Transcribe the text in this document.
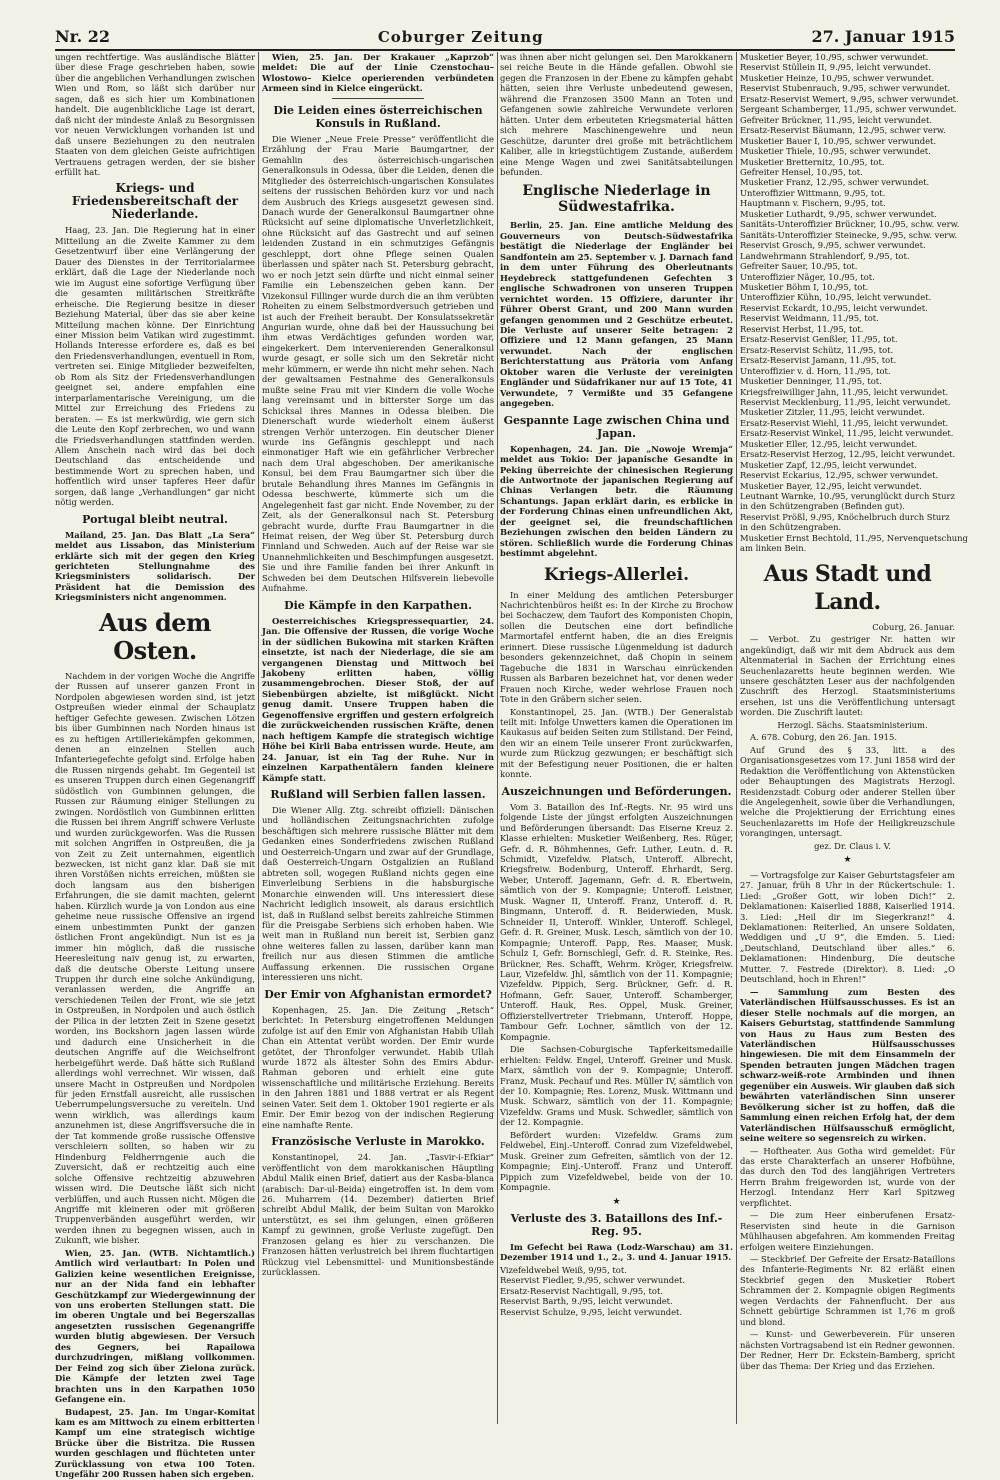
Nr. 22	Coburger Zeitung	27. Januar 1915

ungen rechtfertige. Was ausländische Blätter über diese Frage geschrieben haben, sowie über die angeblichen Verhandlungen zwischen Wien und Rom, so läßt sich darüber nur sagen, daß es sich hier um Kombinationen handelt. Die augenblickliche Lage ist derart, daß nicht der mindeste Anlaß zu Besorgnissen vor neuen Verwicklungen vorhanden ist und daß unsere Beziehungen zu den neutralen Staaten von dem gleichen Geiste aufrichtigen Vertrauens getragen werden, der sie bisher erfüllt hat.

Kriegs- und Friedensbereitschaft der Niederlande.

Haag, 23. Jan. Die Regierung hat in einer Mitteilung an die Zweite Kammer zu dem Gesetzentwurf über eine Verlängerung der Dauer des Dienstes in der Territorialarmee erklärt, daß die Lage der Niederlande noch wie im August eine sofortige Verfügung über die gesamten militärischen Streitkräfte erheische. Die Regierung besitze in dieser Beziehung Material, über das sie aber keine Mitteilung machen könne. Der Einrichtung einer Mission beim Vatikan wird zugestimmt. Hollands Interesse erfordere es, daß es bei den Friedensverhandlungen, eventuell in Rom, vertreten sei. Einige Mitglieder bezweifelten, ob Rom als Sitz der Friedensverhandlungen geeignet sei, andere empfahlen eine interparlamentarische Vereinigung, um die Mittel zur Erreichung des Friedens zu beraten. — Es ist merkwürdig, wie gern sich die Leute den Kopf zerbrechen, wo und wann die Friedsverhandlungen stattfinden werden. Allem Anschein nach wird das bei doch Deutschland das entscheidende und bestimmende Wort zu sprechen haben, und hoffentlich wird unser tapferes Heer dafür sorgen, daß lange „Verhandlungen“ gar nicht nötig werden.

Portugal bleibt neutral.

Mailand, 25. Jan. Das Blatt „La Sera“ meldet aus Lissabon, das Ministerium erklärte sich mit der gegen den Krieg gerichteten Stellungnahme des Kriegsministers solidarisch. Der Präsident hat die Demission des Kriegsministers nicht angenommen.

Aus dem Osten.

Nachdem in der vorigen Woche die Angriffe der Russen auf unserer ganzen Front in Nordpolen abgewiesen worden sind, ist jetzt Ostpreußen wieder einmal der Schauplatz heftiger Gefechte gewesen. Zwischen Lötzen bis über Gumbinnen nach Norden hinaus ist es zu heftigen Artilleriekämpfen gekommen, denen an einzelnen Stellen auch Infanteriegefechte gefolgt sind. Erfolge haben die Russen nirgends gehabt. Im Gegenteil ist es unseren Truppen durch einen Gegenangriff südöstlich von Gumbinnen gelungen, die Russen zur Räumung einiger Stellungen zu zwingen. Nordöstlich von Gumbinnen erlitten die Russen bei ihrem Angriff schwere Verluste und wurden zurückgeworfen. Was die Russen mit solchen Angriffen in Ostpreußen, die ja von Zeit zu Zeit unternahmen, eigentlich bezwecken, ist nicht ganz klar. Daß sie mit ihren Vorstößen nichts erreichen, müßten sie doch langsam aus den bisherigen Erfahrungen, die sie damit machten, gelernt haben. Kürzlich wurde ja von London aus eine geheime neue russische Offensive an irgend einem unbestimmten Punkt der ganzen östlichen Front angekündigt. Nun ist es ja immer hin möglich, daß die russische Heeresleitung naiv genug ist, zu erwarten, daß die deutsche Oberste Leitung unsere Truppen ihr durch eine solche Ankündigung, veranlassen werden, die Angriffe an verschiedenen Teilen der Front, wie sie jetzt in Ostpreußen, in Nordpolen und auch östlich der Pilica in der letzten Zeit in Szene gesetzt worden, ins Bockshorn jagen lassen würde und dadurch eine Unsicherheit in die deutschen Angriffe auf die Weichselfront herbeigeführt werde. Daß hätte sich Rußland allerdings wohl verrechnet. Wir wissen, daß unsere Macht in Ostpreußen und Nordpolen für jeden Ernstfall ausreicht, alle russischen Ueberrumpelungsversuche zu vereiteln. Und wenn wirklich, was allerdings kaum anzunehmen ist, diese Angriffsversuche die in der Tat kommende große russische Offensive verschleiern sollten, so haben wir zu Hindenburg Feldherrngenie auch die Zuversicht, daß er rechtzeitig auch eine solche Offensive rechtzeitig abzuwehren wissen wird. Die Deutsche läßt sich nicht verblüffen, und auch Russen nicht. Mögen die Angriffe mit kleineren oder mit größeren Truppenverbänden ausgeführt werden, wir werden ihnen zu begegnen wissen, auch in Zukunft, wie bisher.

Wien, 25. Jan. (WTB. Nichtamtlich.) Amtlich wird verlautbart: In Polen und Galizien keine wesentlichen Ereignisse, nur an der Nida fand ein lebhafter Geschützkampf zur Wiedergewinnung der von uns eroberten Stellungen statt. Die im oberen Ungtale und bei Begerszallas angesetzten russischen Gegenangriffe wurden blutig abgewiesen. Der Versuch des Gegners, bei Rapailowa durchzudringen, mißlang vollkommen. Der Feind zog sich über Zielona zurück. Die Kämpfe der letzten zwei Tage brachten uns in den Karpathen 1050 Gefangene ein.

Budapest, 25. Jan. Im Ungar-Komitat kam es am Mittwoch zu einem erbitterten Kampf um eine strategisch wichtige Brücke über die Bistritza. Die Russen wurden geschlagen und flüchteten unter Zurücklassung von etwa 100 Toten. Ungefähr 200 Russen haben sich ergeben.

Wien, 25. Jan. Der Krakauer „Kaprzob“ meldet: Die auf der Linie Czenstochau–Wlostowo– Kielce operierenden verbündeten Armeen sind in Kielce eingerückt.

Die Leiden eines österreichischen Konsuls in Rußland.

Die Wiener „Neue Freie Presse“ veröffentlicht die Erzählung der Frau Marie Baumgartner, der Gemahlin des österreichisch-ungarischen Generalkonsuls in Odessa, über die Leiden, denen die Mitglieder des österreichisch-ungarischen Konsulates seitens der russischen Behörden kurz vor und nach dem Ausbruch des Kriegs ausgesetzt gewesen sind. Danach wurde der Generalkonsul Baumgartner ohne Rücksicht auf seine diplomatische Unverletzlichkeit, ohne Rücksicht auf das Gastrecht und auf seinen leidenden Zustand in ein schmutziges Gefängnis geschleppt, dort ohne Pflege seinen Qualen überlassen und später nach St. Petersburg gebracht, wo er noch jetzt sein dürfte und nicht einmal seiner Familie ein Lebenszeichen geben kann. Der Vizekonsul Fillinger wurde durch die an ihm verübten Roheiten zu einem Selbstmordversuch getrieben und ist auch der Freiheit beraubt. Der Konsulatssekretär Angurian wurde, ohne daß bei der Haussuchung bei ihm etwas Verdächtiges gefunden worden war, eingekerkert. Dem intervenierenden Generalkonsul wurde gesagt, er solle sich um den Sekretär nicht mehr kümmern, er werde ihn nicht mehr sehen. Nach der gewaltsamen Festnahme des Generalkonsuls mußte seine Frau mit vier Kindern die volle Woche lang vereinsamt und in bitterster Sorge um das Schicksal ihres Mannes in Odessa bleiben. Die Dienerschaft wurde wiederholt einem äußerst strengen Verhör unterzogen. Ein deutscher Diener wurde ins Gefängnis geschleppt und nach einmonatiger Haft wie ein gefährlicher Verbrecher nach dem Ural abgeschoben. Der amerikanische Konsul, bei dem Frau Baumgartner sich über die brutale Behandlung ihres Mannes im Gefängnis in Odessa beschwerte, kümmerte sich um die Angelegenheit fast gar nicht. Ende November, zu der Zeit, als der Generalkonsul nach St. Petersburg gebracht wurde, durfte Frau Baumgartner in die Heimat reisen, der Weg über St. Petersburg durch Finnland und Schweden. Auch auf der Reise war sie Unannehmlichkeiten und Beschimpfungen ausgesetzt. Sie und ihre Familie fanden bei ihrer Ankunft in Schweden bei dem Deutschen Hilfsverein liebevolle Aufnahme.

Die Kämpfe in den Karpathen.

Oesterreichisches Kriegspressequartier, 24. Jan. Die Offensive der Russen, die vorige Woche in der südlichen Bukowina mit starken Kräften einsetzte, ist nach der Niederlage, die sie am vergangenen Dienstag und Mittwoch bei Jakobeny erlitten haben, völlig zusammengebrochen. Dieser Stoß, der auf Siebenbürgen abzielte, ist mißglückt. Nicht genug damit. Unsere Truppen haben die Gegenoffensive ergriffen und gestern erfolgreich die zurückweichenden russischen Kräfte, denen nach heftigem Kampfe die strategisch wichtige Höhe bei Kirli Baba entrissen wurde. Heute, am 24. Januar, ist ein Tag der Ruhe. Nur in einzelnen Karpathentälern fanden kleinere Kämpfe statt.

Rußland will Serbien fallen lassen.

Die Wiener Allg. Ztg. schreibt offiziell: Dänischen und holländischen Zeitungsnachrichten zufolge beschäftigen sich mehrere russische Blätter mit dem Gedanken eines Sonderfriedens zwischen Rußland und Oesterreich-Ungarn und zwar auf der Grundlage, daß Oesterreich-Ungarn Ostgalizien an Rußland abtreten soll, wogegen Rußland nichts gegen eine Einverleibung Serbiens in die habsburgische Monarchie einwenden will. Uns interessiert diese Nachricht lediglich insoweit, als daraus ersichtlich ist, daß in Rußland selbst bereits zahlreiche Stimmen für die Preisgabe Serbiens sich erhoben haben. Wie weit man in Rußland nun bereit ist, Serbien ganz ohne weiteres fallen zu lassen, darüber kann man freilich nur aus diesen Stimmen die amtliche Auffassung erkennen. Die russischen Organe interessieren uns nicht.

Der Emir von Afghanistan ermordet?

Kopenhagen, 25. Jan. Die Zeitung „Retsch“ berichtet: In Petersburg eingetroffenen Meldungen zufolge ist auf den Emir von Afghanistan Habib Ullah Chan ein Attentat verübt worden. Der Emir wurde getötet, der Thronfolger verwundet. Habib Ullah wurde 1872 als ältester Sohn des Emirs Abdur-Rahman geboren und erhielt eine gute wissenschaftliche und militärische Erziehung. Bereits in den Jahren 1881 und 1888 vertrat er als Regent seinen Vater. Seit dem 1. Oktober 1901 regierte er als Emir. Der Emir bezog von der indischen Regierung eine namhafte Rente.

Französische Verluste in Marokko.

Konstantinopel, 24. Jan. „Tasvir-i-Efkiar“ veröffentlicht von dem marokkanischen Häuptling Abdul Malik einen Brief, datiert aus der Kasba-blanca (arabisch: Dar-ul-Beida) eingetroffen ist. In dem vom 26. Muharrem (14. Dezember) datierten Brief schreibt Abdul Malik, der beim Sultan von Marokko unterstützt, es sei ihm gelungen, einen größeren Kampf zu gewinnen, große Verluste zugefügt. Den Franzosen gelang es hier zu verschanzen. Die Franzosen hätten verlustreich bei ihrem fluchtartigen Rückzug viel Lebensmittel- und Munitionsbestände zurücklassen.

was ihnen aber nicht gelungen sei. Den Marokkanern sei reiche Beute in die Hände gefallen. Obwohl sie gegen die Franzosen in der Ebene zu kämpfen gehabt hätten, seien ihre Verluste unbedeutend gewesen, während die Franzosen 3500 Mann an Toten und Gefangenen sowie zahlreiche Verwundete verloren hätten. Unter dem erbeuteten Kriegsmaterial hätten sich mehrere Maschinengewehre und neun Geschütze, darunter drei große mit beträchtlichem Kaliber, alle in kriegstüchtigem Zustande, außerdem eine Menge Wagen und zwei Sanitätsabteilungen befunden.

Englische Niederlage in Südwestafrika.

Berlin, 25. Jan. Eine amtliche Meldung des Gouverneurs von Deutsch-Südwestafrika bestätigt die Niederlage der Engländer bei Sandfontein am 25. September v. J. Darnach fand in dem unter Führung des Oberleutnants Heydebreck stattgefundenen Gefechten 3 englische Schwadronen von unseren Truppen vernichtet worden. 15 Offiziere, darunter ihr Führer Oberst Grant, und 200 Mann wurden gefangen genommen und 2 Geschütze erbeutet. Die Verluste auf unserer Seite betragen: 2 Offiziere und 12 Mann gefangen, 25 Mann verwundet. Nach der englischen Berichterstattung aus Prätoria vom Anfang Oktober waren die Verluste der vereinigten Engländer und Südafrikaner nur auf 15 Tote, 41 Verwundete, 7 Vermißte und 35 Gefangene angegeben.

Gespannte Lage zwischen China und Japan.

Kopenhagen, 24. Jan. Die „Nowoje Wremja“ meldet aus Tokio: Der japanische Gesandte in Peking überreichte der chinesischen Regierung die Antwortnote der japanischen Regierung auf Chinas Verlangen betr. die Räumung Schantungs. Japan erklärt darin, es erblicke in der Forderung Chinas einen unfreundlichen Akt, der geeignet sei, die freundschaftlichen Beziehungen zwischen den beiden Ländern zu stören. Schließlich wurde die Forderung Chinas bestimmt abgelehnt.

Kriegs-Allerlei.

In einer Meldung des amtlichen Petersburger Nachrichtenbüros heißt es: In der Kirche zu Brochow bei Sochaczew, dem Taufort des Komponisten Chopin, sollen die Deutschen eine dort befindliche Marmortafel entfernt haben, die an dies Ereignis erinnert. Diese russische Lügenmeldung ist dadurch besonders gekennzeichnet, daß Chopin in seinem Tagebuche die 1831 in Warschau einrückenden Russen als Barbaren bezeichnet hat, vor denen weder Frauen noch Kirche, weder wehrlose Frauen noch Tote in den Gräbern sicher seien.

Konstantinopel, 25. Jan. (WTB.) Der Generalstab teilt mit: Infolge Unwetters kamen die Operationen im Kaukasus auf beiden Seiten zum Stillstand. Der Feind, den wir an einem Teile unserer Front zurückwarfen, wurde zum Rückzug gezwungen; er beschäftigt sich mit der Befestigung neuer Positionen, die er halten konnte.

Auszeichnungen und Beförderungen.

Vom 3. Bataillon des Inf.-Regts. Nr. 95 wird uns folgende Liste der jüngst erfolgten Auszeichnungen und Beförderungen übersandt: Das Eiserne Kreuz 2. Klasse erhielten: Musketier Weißenberg, Res. Rüger, Gefr. d. R. Böhmhennes, Gefr. Luther, Leutn. d. R. Schmidt, Vizefeldw. Platsch, Unteroff. Albrecht, Kriegsfreiw. Bodenburg, Unteroff. Ehrhardt, Serg. Weber, Unteroff. Jagemann, Gefr. d. R. Ebertwein, sämtlich von der 9. Kompagnie; Unteroff. Leistner, Musk. Wagner II, Unteroff. Franz, Unteroff. d. R. Bingmann, Unteroff. d. R. Beiderwieden, Musk. Schneider II, Unteroff. Winkler, Unteroff. Schlegel, Gefr. d. R. Greiner, Musk. Lesch, sämtlich von der 10. Kompagnie; Unteroff. Papp, Res. Maaser, Musk. Schulz I, Gefr. Bornschlegl, Gefr. d. R. Steinke, Res. Brückner, Res. Schafft, Wehrm. Kröger, Kriegsfreiw. Laur, Vizefeldw. Jhl, sämtlich von der 11. Kompagnie; Vizefeldw. Pippich, Serg. Brückner, Gefr. d. R. Hofmann, Gefr. Sauer, Unteroff. Schamberger, Unteroff. Hauk, Res. Oppel, Musk. Greiner, Offizierstellvertreter Triebmann, Unteroff. Hoppe, Tambour Gefr. Lochner, sämtlich von der 12. Kompagnie.

Die Sachsen-Coburgische Tapferkeitsmedaille erhielten: Feldw. Engel, Unteroff. Greiner und Musk. Marx, sämtlich von der 9. Kompagnie; Unteroff. Franz, Musk. Pechauf und Res. Müller IV, sämtlich von der 10. Kompagnie; Res. Lorenz, Musk. Wittmann und Musk. Schwarz, sämtlich von der 11. Kompagnie; Vizefeldw. Grams und Musk. Schwedler, sämtlich von der 12. Kompagnie.

Befördert wurden: Vizefeldw. Grams zum Feldwebel, Einj.-Unteroff. Conrad zum Vizefeldwebel, Musk. Greiner zum Gefreiten, sämtlich von der 12. Kompagnie; Einj.-Unteroff. Franz und Unteroff. Pippich zum Vizefeldwebel, beide von der 10. Kompagnie.

★
Verluste des 3. Bataillons des Inf.-Reg. 95.

Im Gefecht bei Rawa (Lodz-Warschau) am 31. Dezember 1914 und 1., 2., 3. und 4. Januar 1915.

Vizefeldwebel Weiß, 9/95, tot.
Reservist Fiedler, 9./95, schwer verwundet.
Ersatz-Reservist Nachtigall, 9./95, tot.
Reservist Barth, 9./95, leicht verwundet.
Reservist Schulze, 9./95, leicht verwundet.
Musketier Beyer, 10./95, schwer verwundet.
Reservist Stüllein II, 9./95, leicht verwundet.
Musketier Heinze, 10./95, schwer verwundet.
Reservist Stubenrauch, 9./95, schwer verwundet.
Ersatz-Reservist Wemert, 9./95, schwer verwundet.
Sergeant Schamberger, 11./95, schwer verwundet.
Gefreiter Brückner, 11./95, leicht verwundet.
Ersatz-Reservist Bäumann, 12./95, schwer verw.
Musketier Bauer I, 10./95, schwer verwundet.
Musketier Thiele, 10./95, schwer verwundet.
Musketier Bretternitz, 10./95, tot.
Gefreiter Hensel, 10./95, tot.
Musketier Franz, 12./95, schwer verwundet.
Unteroffizier Wittmann, 9./95, tot.
Hauptmann v. Fischern, 9./95, tot.
Musketier Luthardt, 9./95, schwer verwundet.
Sanitäts-Unteroffizier Brückner, 10./95, schw. verw.
Sanitäts-Unteroffizier Steinecke, 9./95, schw. verw.
Reservist Grosch, 9./95, schwer verwundet.
Landwehrmann Strahlendorf, 9./95, tot.
Gefreiter Sauer, 10./95, tot.
Unteroffizier Näger, 10./95, tot.
Musketier Böhm I, 10./95, tot.
Unteroffizier Kühn, 10./95, leicht verwundet.
Reservist Eckardt, 10./95, leicht verwundet.
Reservist Weidmann, 11./95, tot.
Reservist Herbst, 11./95, tot.
Ersatz-Reservist Genßler, 11./95, tot.
Ersatz-Reservist Schütz, 11./95, tot.
Ersatz-Reservist Jamann, 11./95, tot.
Unteroffizier v. d. Horn, 11./95, tot.
Musketier Denninger, 11./95, tot.
Kriegsfreiwilliger Jahn, 11./95, leicht verwundet.
Reservist Mecklenburg, 11./95, leicht verwundet.
Musketier Zitzler, 11./95, leicht verwundet.
Ersatz-Reservist Wiehl, 11./95, leicht verwundet.
Ersatz-Reservist Winkel, 11./95, leicht verwundet.
Musketier Eller, 12./95, leicht verwundet.
Ersatz-Reservist Herzog, 12./95, leicht verwundet.
Musketier Zapf, 12./95, leicht verwundet.
Reservist Eckarius, 12./95, schwer verwundet.
Musketier Bayer, 12./95, leicht verwundet.
Leutnant Warnke, 10./95, verunglückt durch Sturz
in den Schützengraben (Befinden gut).
Reservist Prößl, 9./95, Knöchelbruch durch Sturz
in den Schützengraben.
Musketier Ernst Bechtold, 11./95, Nervenquetschung
am linken Bein.
Aus Stadt und Land.

Coburg, 26. Januar.

— Verbot. Zu gestriger Nr. hatten wir angekündigt, daß wir mit dem Abdruck aus dem Altenmaterial in Sachen der Errichtung eines Seuchenlazaretts heute beginnen werden. Wie unsere geschätzten Leser aus der nachfolgenden Zuschrift des Herzogl. Staatsministeriums ersehen, ist uns die Veröffentlichung untersagt worden. Die Zuschrift lautet:

Herzogl. Sächs. Staatsministerium.

A. 678. Coburg, den 26. Jan. 1915.

Auf Grund des § 33, litt. a des Organisationsgesetzes vom 17. Juni 1858 wird der Redaktion die Veröffentlichung von Aktenstücken oder Behauptungen des Magistrats Herzogl. Residenzstadt Coburg oder anderer Stellen über die Angelegenheit, sowie über die Verhandlungen, welche die Projektierung der Errichtung eines Seuchenlazaretts im Hofe der Heiligkreuzschule vorangingen, untersagt.

gez. Dr. Claus i. V.

★

— Vortragsfolge zur Kaiser Geburtstagsfeier am 27. Januar, früh 8 Uhr in der Rückertschule: 1. Lied: „Großer Gott, wir loben Dich!“ 2. Deklamationen: Kaiserlied 1888, Kaiserlied 1914. 3. Lied: „Heil dir im Siegerkranz!“ 4. Deklamationen: Reiterlied, An unsere Soldaten, Weddigen und „U 9“, die Emden. 5. Lied: „Deutschland, Deutschland über alles.“ 6. Deklamationen: Hindenburg, Die deutsche Mutter. 7. Festrede (Direktor). 8. Lied: „O Deutschland, hoch in Ehren!“

— Sammlung zum Besten des Vaterländischen Hülfsausschusses. Es ist an dieser Stelle nochmals auf die morgen, an Kaisers Geburtstag, stattfindende Sammlung von Haus zu Haus zum Besten des Vaterländischen Hülfsausschusses hingewiesen. Die mit dem Einsammeln der Spenden betrauten jungen Mädchen tragen schwarz-weiß-rote Armbinden und ihnen gegenüber ein Ausweis. Wir glauben daß sich bewährten vaterländischen Sinn unserer Bevölkerung sicher ist zu hoffen, daß die Sammlung einen reichen Erfolg hat, der dem Vaterländischen Hülfsausschuß ermöglicht, seine weitere so segensreich zu wirken.

— Hoftheater. Aus Gotha wird gemeldet: Für das erste Charakterfach an unserer Hofbühne, das durch den Tod des langjährigen Vertreters Herrn Brahm freigeworden ist, wurde von der Herzogl. Intendanz Herr Karl Spitzweg verpflichtet.

— Die zum Heer einberufenen Ersatz-Reservisten sind heute in die Garnison Mühlhausen abgefahren. Am kommenden Freitag erfolgen weitere Einziehungen.

— Steckbrief. Der Gefreite der Ersatz-Bataillons des Infanterie-Regiments Nr. 82 erläßt einen Steckbrief gegen den Musketier Robert Schrammen der 2. Kompagnie obigen Regiments wegen Verdachts der Fahnenflucht. Der aus Schnett gebürtige Schrammen ist 1,76 m groß und blond.

— Kunst- und Gewerbeverein. Für unseren nächsten Vortragsabend ist ein Redner gewonnen. Der Redner, Herr Dr. Eckstein-Bamberg, spricht über das Thema: Der Krieg und das Erziehen.
